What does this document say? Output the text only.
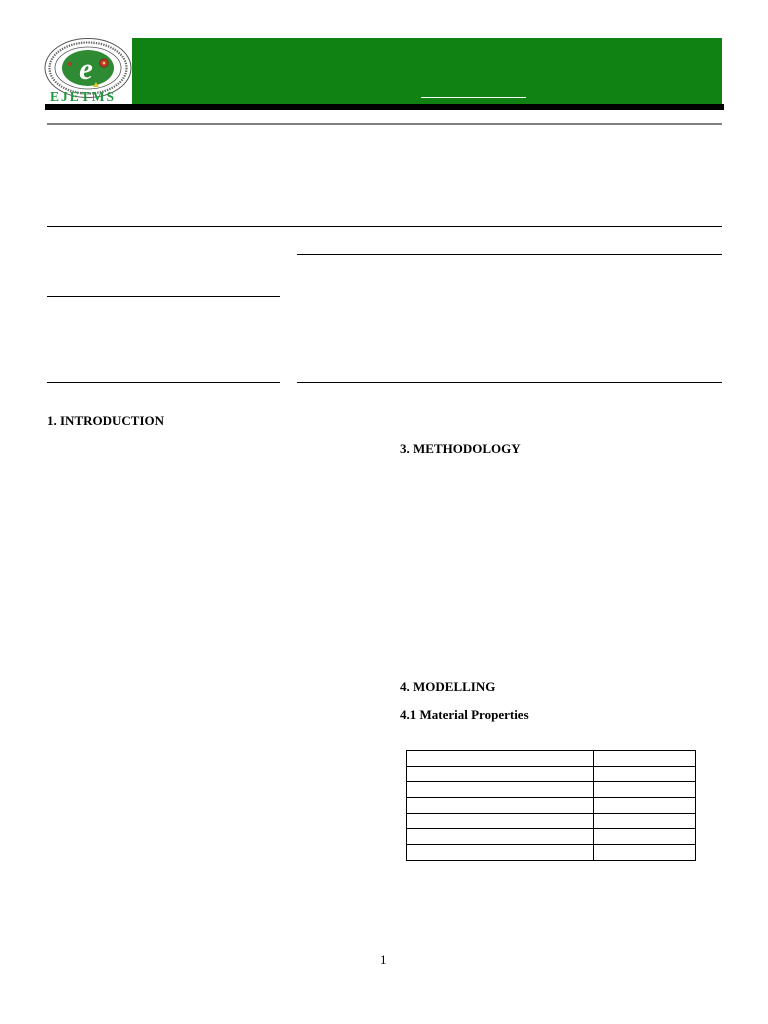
e
EJETMS
1. INTRODUCTION
3. METHODOLOGY
4. MODELLING
4.1 Material Properties

1
